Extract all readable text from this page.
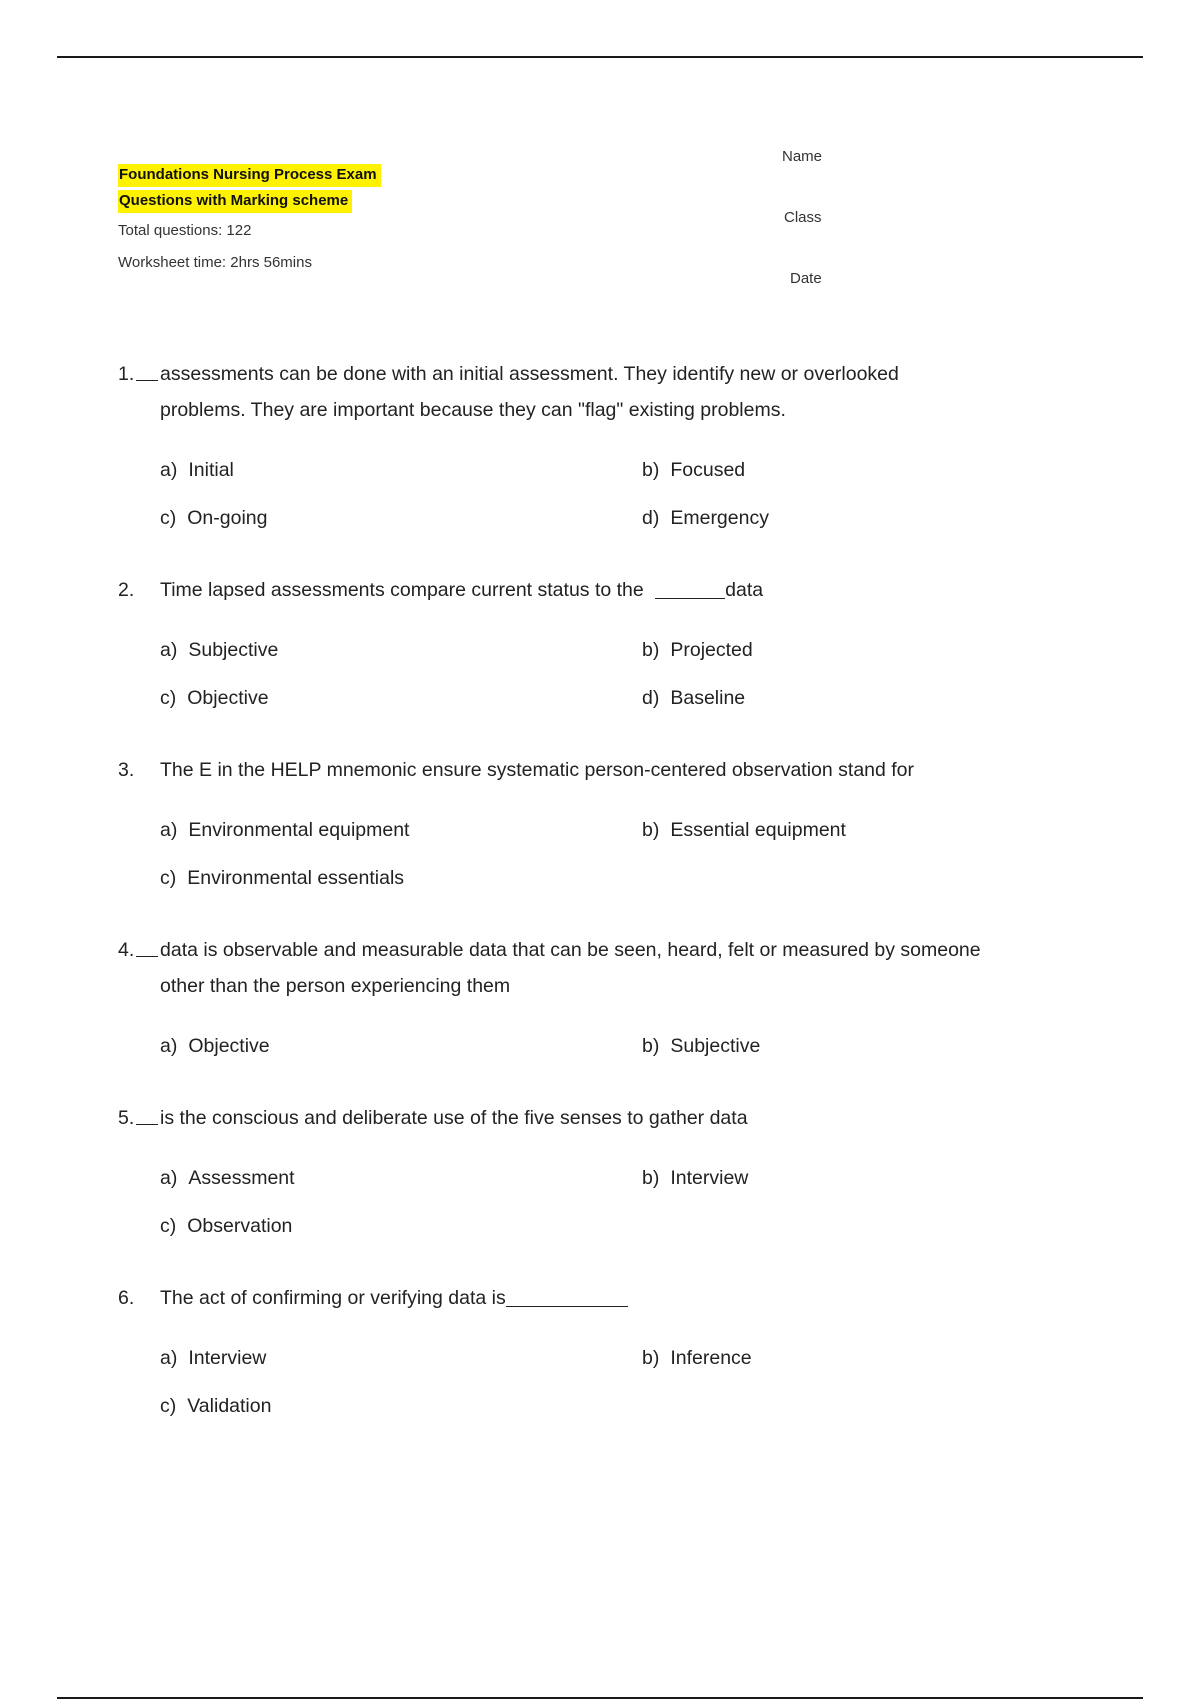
Foundations Nursing Process Exam
Questions with Marking scheme
Total questions: 122
Worksheet time: 2hrs 56mins
Name
Class
Date
1. assessments can be done with an initial assessment. They identify new or overlooked
problems. They are important because they can "flag" existing problems.
a) Initial	b) Focused
c) On-going	d) Emergency
2. Time lapsed assessments compare current status to the	data
a) Subjective	b) Projected
c) Objective	d) Baseline
3. The E in the HELP mnemonic ensure systematic person-centered observation stand for
a) Environmental equipment	b) Essential equipment
c) Environmental essentials
4. data is observable and measurable data that can be seen, heard, felt or measured by someone
other than the person experiencing them
a) Objective	b) Subjective
5. is the conscious and deliberate use of the five senses to gather data
a) Assessment	b) Interview
c) Observation
6. The act of confirming or verifying data is
a) Interview	b) Inference
c) Validation
